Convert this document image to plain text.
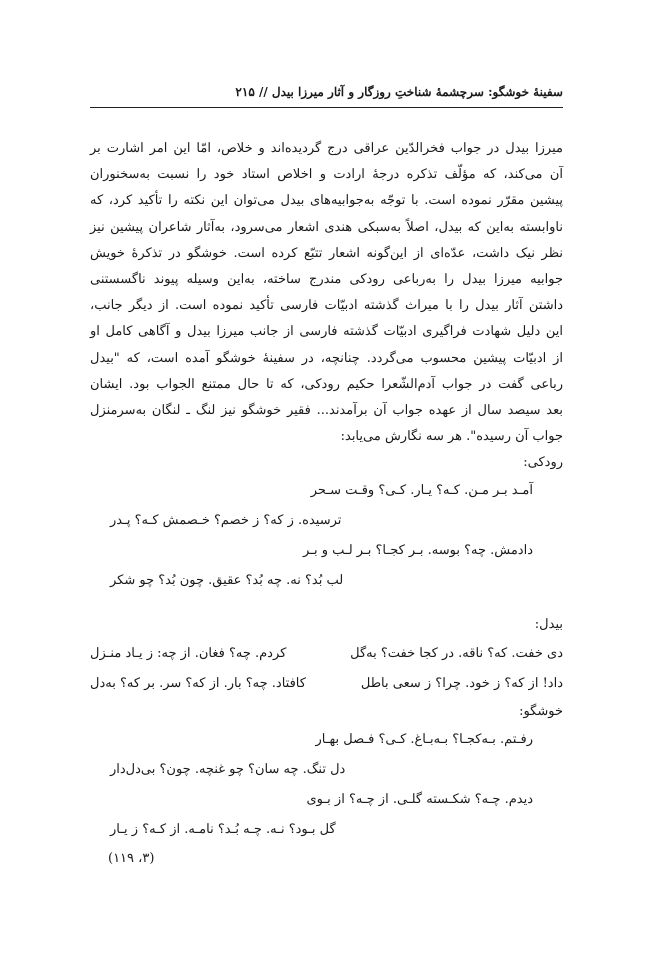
سفینهٔ خوشگو: سرچشمهٔ شناختِ روزگار و آثار میرزا بیدل // ۲۱۵
میرزا بیدل در جواب فخرالدّین عراقی درج گردیده‌اند و خلاص، امّا این امر اشارت بر
آن می‌کند، که مؤلّف تذکره درجهٔ ارادت و اخلاص استاد خود را نسبت به‌سخنوران
پیشین مقرّر نموده است. با توجّه به‌جوابیه‌های بیدل می‌توان این نکته را تأکید کرد، که
ناوابسته به‌این که بیدل، اصلاً به‌سبکی هندی اشعار می‌سرود، به‌آثار شاعران پیشین نیز
نظر نیک داشت، عدّه‌ای از این‌گونه اشعار تتبّع کرده است. خوشگو در تذکرهٔ خویش
جوابیه میرزا بیدل را به‌رباعی رودکی مندرج ساخته، به‌این وسیله پیوند ناگسستنی
داشتن آثار بیدل را با میراث گذشته ادبیّات فارسی تأکید نموده است. از دیگر جانب،
این دلیل شهادت فراگیری ادبیّات گذشته فارسی از جانب میرزا بیدل و آگاهی کامل او
از ادبیّات پیشین محسوب می‌گردد. چنانچه، در سفینهٔ خوشگو آمده است، که "بیدل
رباعی گفت در جواب آدم‌الشّعرا حکیم رودکی، که تا حال ممتنع الجواب بود. ایشان
بعد سیصد سال از عهده جواب آن برآمدند... فقیر خوشگو نیز لنگ ـ لنگان به‌سرمنزل
جواب آن رسیده". هر سه نگارش می‌یابد:
رودکی:
آمـد بـر مـن. کـه؟ یـار. کـی؟ وقـت سـحر
ترسیده. ز که؟ ز خصم؟ خـصمش کـه؟ پـدر
دادمش. چه؟ بوسه. بـر کجـا؟ بـر لـب و بـر
لب بُد؟ نه. چه بُد؟ عقیق. چون بُد؟ چو شکر
بیدل:
دی خفت. که؟ ناقه. در کجا خفت؟ به‌گل
کردم. چه؟ فغان. از چه: ز یـاد منـزل
داد! از که؟ ز خود. چرا؟ ز سعی باطل
کافتاد. چه؟ بار. از که؟ سر. بر که؟ به‌دل
خوشگو:
رفـتم. بـه‌کجـا؟ بـه‌بـاغ. کـی؟ فـصل بهـار
دل تنگ. چه سان؟ چو غنچه. چون؟ بی‌دل‌دار
دیدم. چـه؟ شکـسته گلـی. از چـه؟ از بـوی
گل بـود؟ نـه. چـه بُـد؟ نامـه. از کـه؟ ز یـار
(۳، ۱۱۹)
